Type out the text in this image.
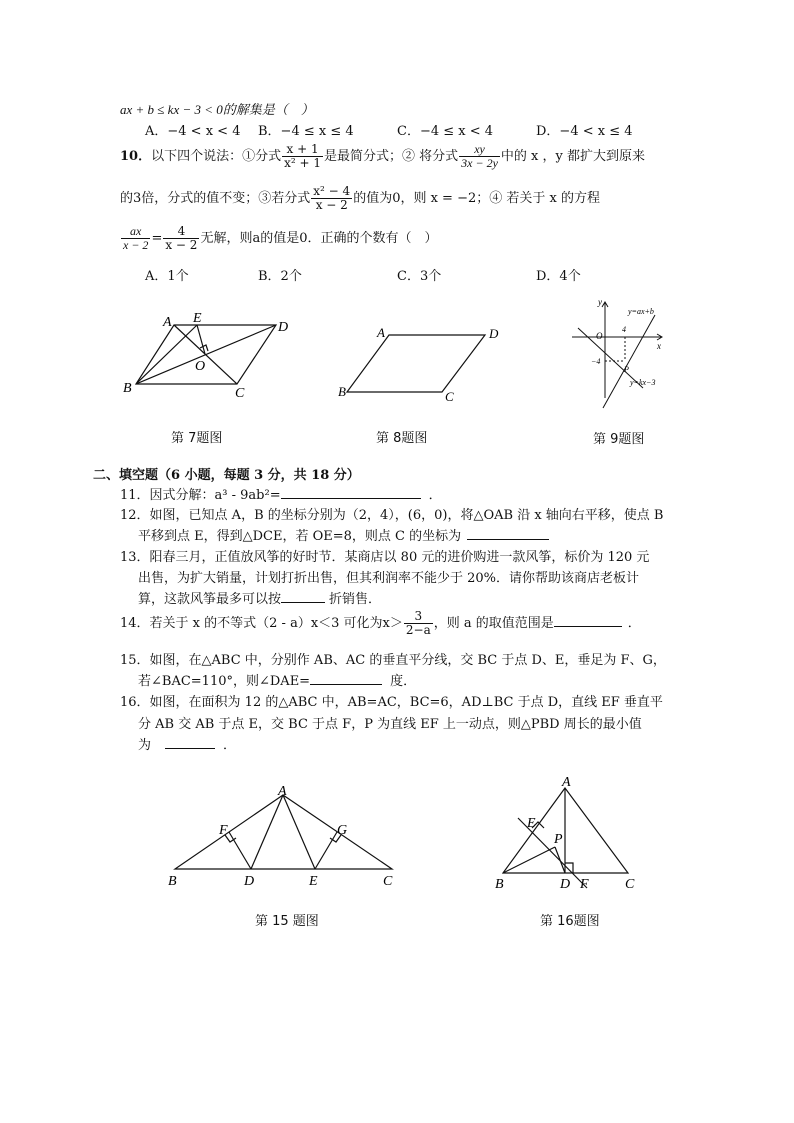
ax + b ≤ kx − 3 < 0的解集是（　）
A．−4 < x < 4 B．−4 ≤ x ≤ 4	C．−4 ≤ x < 4	D．−4 < x ≤ 4
10．以下四个说法：①分式 $\frac{x + 1}{\text{x² + 1}}$ 是最简分式；② 将分式 $\frac{xy}{3x - 2y}$ 中的 x ，y 都扩大到原来
的3倍，分式的值不变；③若分式 $\frac{\text{x² − 4}}{x - 2}$ 的值为0，则 x = −2；④ 若关于 x 的方程
$\frac{ax}{x - 2} = \frac{4}{x - 2}$ 无解，则a的值是0．正确的个数有（　）
A．1个	B．2个	C．3个	D．4个
A E
D
O
B	C
A	D
B	C
y
O
x
4
−4
P
y=ax+b
y=kx−3
A
F	G
B	D	E	C
A
E
P
B	D F	C
第 7题图	第 8题图	第 9题图
二、填空题（6 小题，每题 3 分，共 18 分）
11．因式分解：a³ - 9ab²=	．
12．如图，已知点 A，B 的坐标分别为（2，4），(6，0)，将△OAB 沿 x 轴向右平移，使点 B
平移到点 E，得到△DCE，若 OE=8，则点 C 的坐标为
13．阳春三月，正值放风筝的好时节．某商店以 80 元的进价购进一款风筝，标价为 120 元
出售，为扩大销量，计划打折出售，但其利润率不能少于 20%．请你帮助该商店老板计
算，这款风筝最多可以按	折销售．
14．若关于 x 的不等式（2 - a）x＜3 可化为$x> \frac{3}{2-a}$ ，则 a 的取值范围是	．
15．如图，在△ABC 中，分别作 AB、AC 的垂直平分线，交 BC 于点 D、E，垂足为 F、G，
若∠BAC=110°，则∠DAE=	度．
16．如图，在面积为 12 的△ABC 中，AB=AC，BC=6，AD⊥BC 于点 D，直线 EF 垂直平
分 AB 交 AB 于点 E，交 BC 于点 F，P 为直线 EF 上一动点，则△PBD 周长的最小值
为	．
第 15 题图	第 16题图
